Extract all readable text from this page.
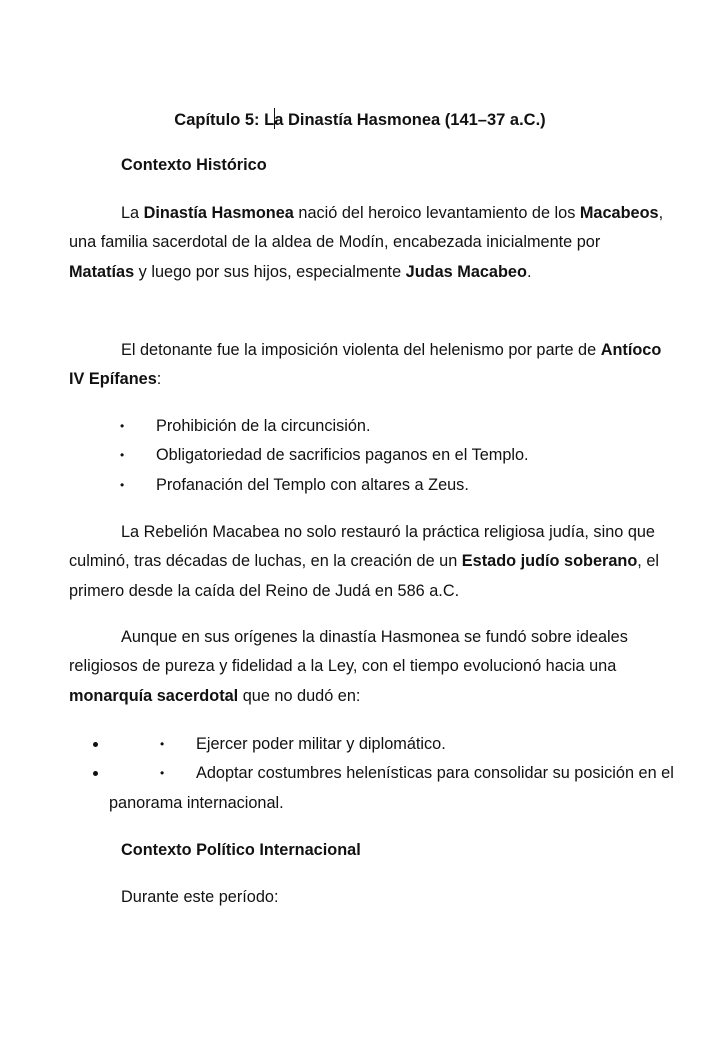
Capítulo 5: La Dinastía Hasmonea (141–37 a.C.)

Contexto Histórico

La Dinastía Hasmonea nació del heroico levantamiento de los Macabeos, una familia sacerdotal de la aldea de Modín, encabezada inicialmente por Matatías y luego por sus hijos, especialmente Judas Macabeo.

El detonante fue la imposición violenta del helenismo por parte de Antíoco IV Epífanes:

• Prohibición de la circuncisión.
• Obligatoriedad de sacrificios paganos en el Templo.
• Profanación del Templo con altares a Zeus.

La Rebelión Macabea no solo restauró la práctica religiosa judía, sino que culminó, tras décadas de luchas, en la creación de un Estado judío soberano, el primero desde la caída del Reino de Judá en 586 a.C.

Aunque en sus orígenes la dinastía Hasmonea se fundó sobre ideales religiosos de pureza y fidelidad a la Ley, con el tiempo evolucionó hacia una monarquía sacerdotal que no dudó en:

• • Ejercer poder militar y diplomático.
• • Adoptar costumbres helenísticas para consolidar su posición en el panorama internacional.

Contexto Político Internacional

Durante este período:
